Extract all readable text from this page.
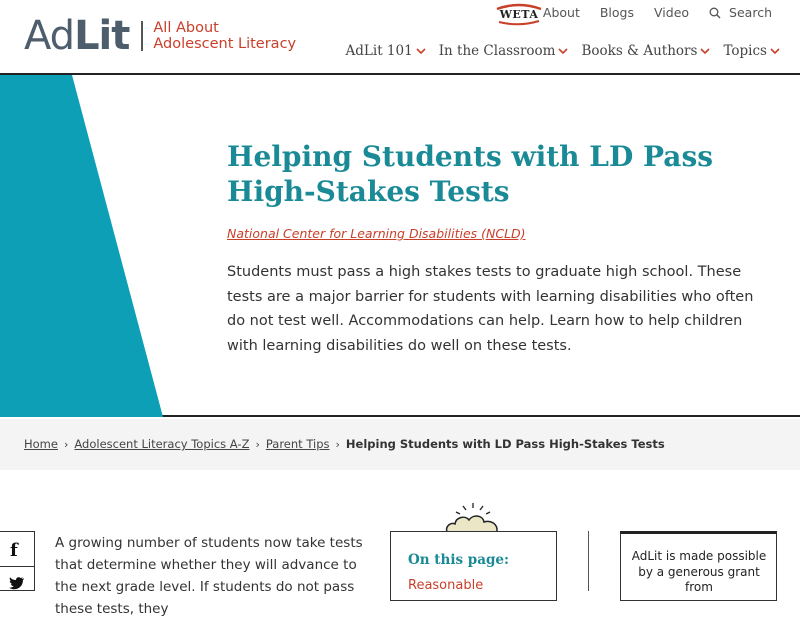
AdLit All About
Adolescent Literacy
WETA About Blogs Video	Search
AdLit 101 In the Classroom Books & Authors Topics
Helping Students with LD Pass High-Stakes Tests
National Center for Learning Disabilities (NCLD)

Students must pass a high stakes tests to graduate high school. These tests are a major barrier for students with learning disabilities who often do not test well. Accommodations can help. Learn how to help children with learning disabilities do well on these tests.

Home › Adolescent Literacy Topics A-Z › Parent Tips › Helping Students with LD Pass High-Stakes Tests
f	A growing number of students now take tests that determine whether they will advance to the next grade level. If students do not pass these tests, they

On this page:
Reasonable
AdLit is made possible by a generous grant from
